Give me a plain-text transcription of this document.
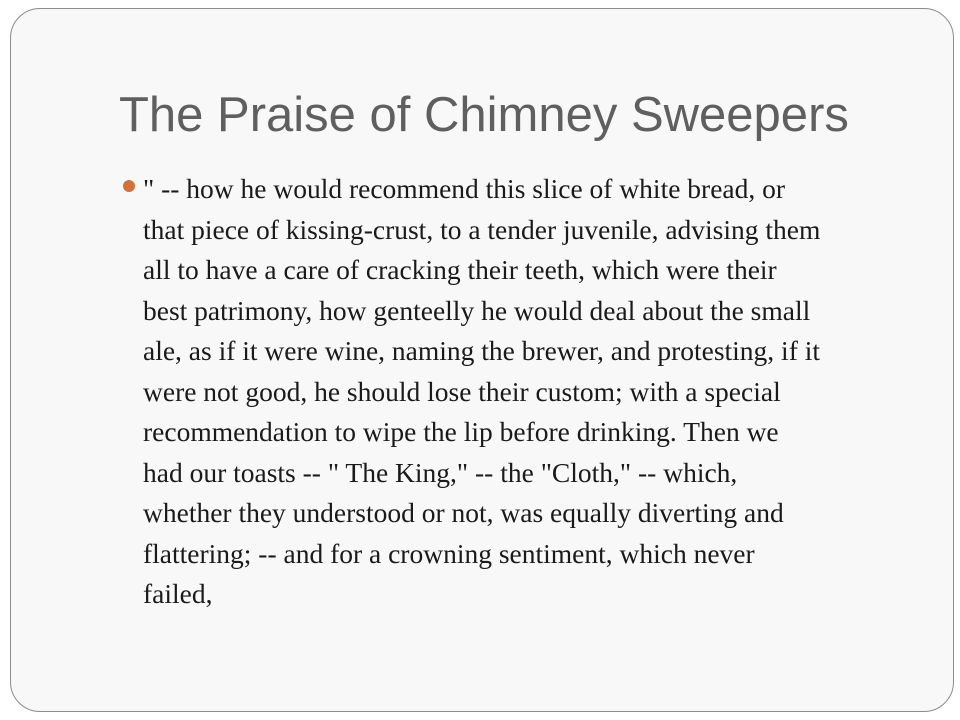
The Praise of Chimney Sweepers
" -- how he would recommend this slice of white bread, or
that piece of kissing-crust, to a tender juvenile, advising them
all to have a care of cracking their teeth, which were their
best patrimony, how genteelly he would deal about the small
ale, as if it were wine, naming the brewer, and protesting, if it
were not good, he should lose their custom; with a special
recommendation to wipe the lip before drinking. Then we
had our toasts -- " The King," -- the "Cloth," -- which,
whether they understood or not, was equally diverting and
flattering; -- and for a crowning sentiment, which never
failed,
